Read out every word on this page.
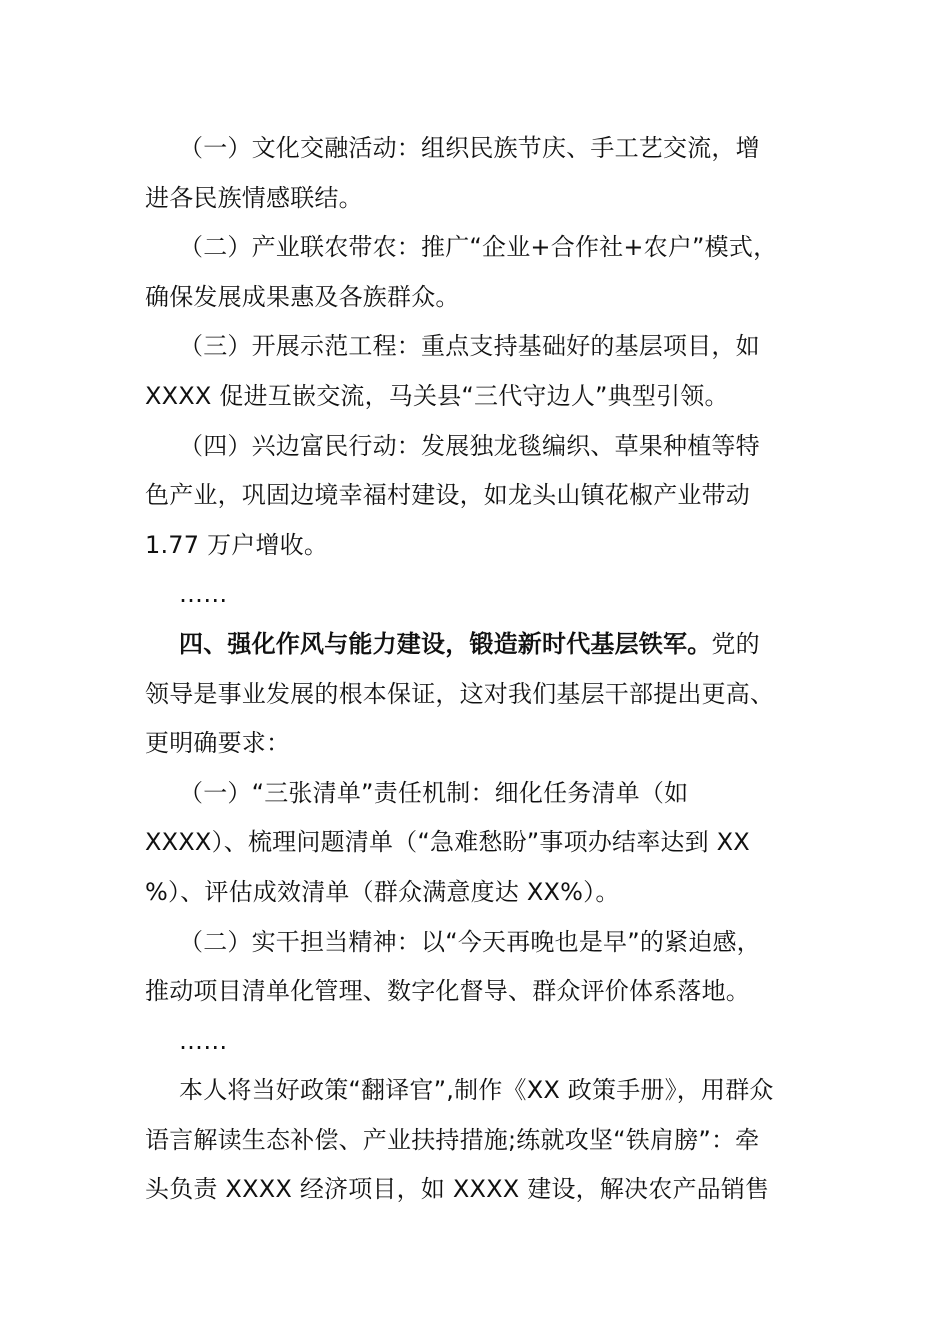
（一）文化交融活动：组织民族节庆、手工艺交流，增
进各民族情感联结。
（二）产业联农带农：推广“企业+合作社+农户”模式，
确保发展成果惠及各族群众。
（三）开展示范工程：重点支持基础好的基层项目，如
XXXX 促进互嵌交流，马关县“三代守边人”典型引领。
（四）兴边富民行动：发展独龙毯编织、草果种植等特
色产业，巩固边境幸福村建设，如龙头山镇花椒产业带动
1.77 万户增收。
……
四、强化作风与能力建设，锻造新时代基层铁军。党的
领导是事业发展的根本保证，这对我们基层干部提出更高、
更明确要求：
（一）“三张清单”责任机制：细化任务清单（如
XXXX）、梳理问题清单（“急难愁盼”事项办结率达到 XX
%）、评估成效清单（群众满意度达 XX%）。
（二）实干担当精神：以“今天再晚也是早”的紧迫感，
推动项目清单化管理、数字化督导、群众评价体系落地。
……
本人将当好政策“翻译官”,制作《XX 政策手册》，用群众
语言解读生态补偿、产业扶持措施;练就攻坚“铁肩膀”：牵
头负责 XXXX 经济项目，如 XXXX 建设，解决农产品销售
